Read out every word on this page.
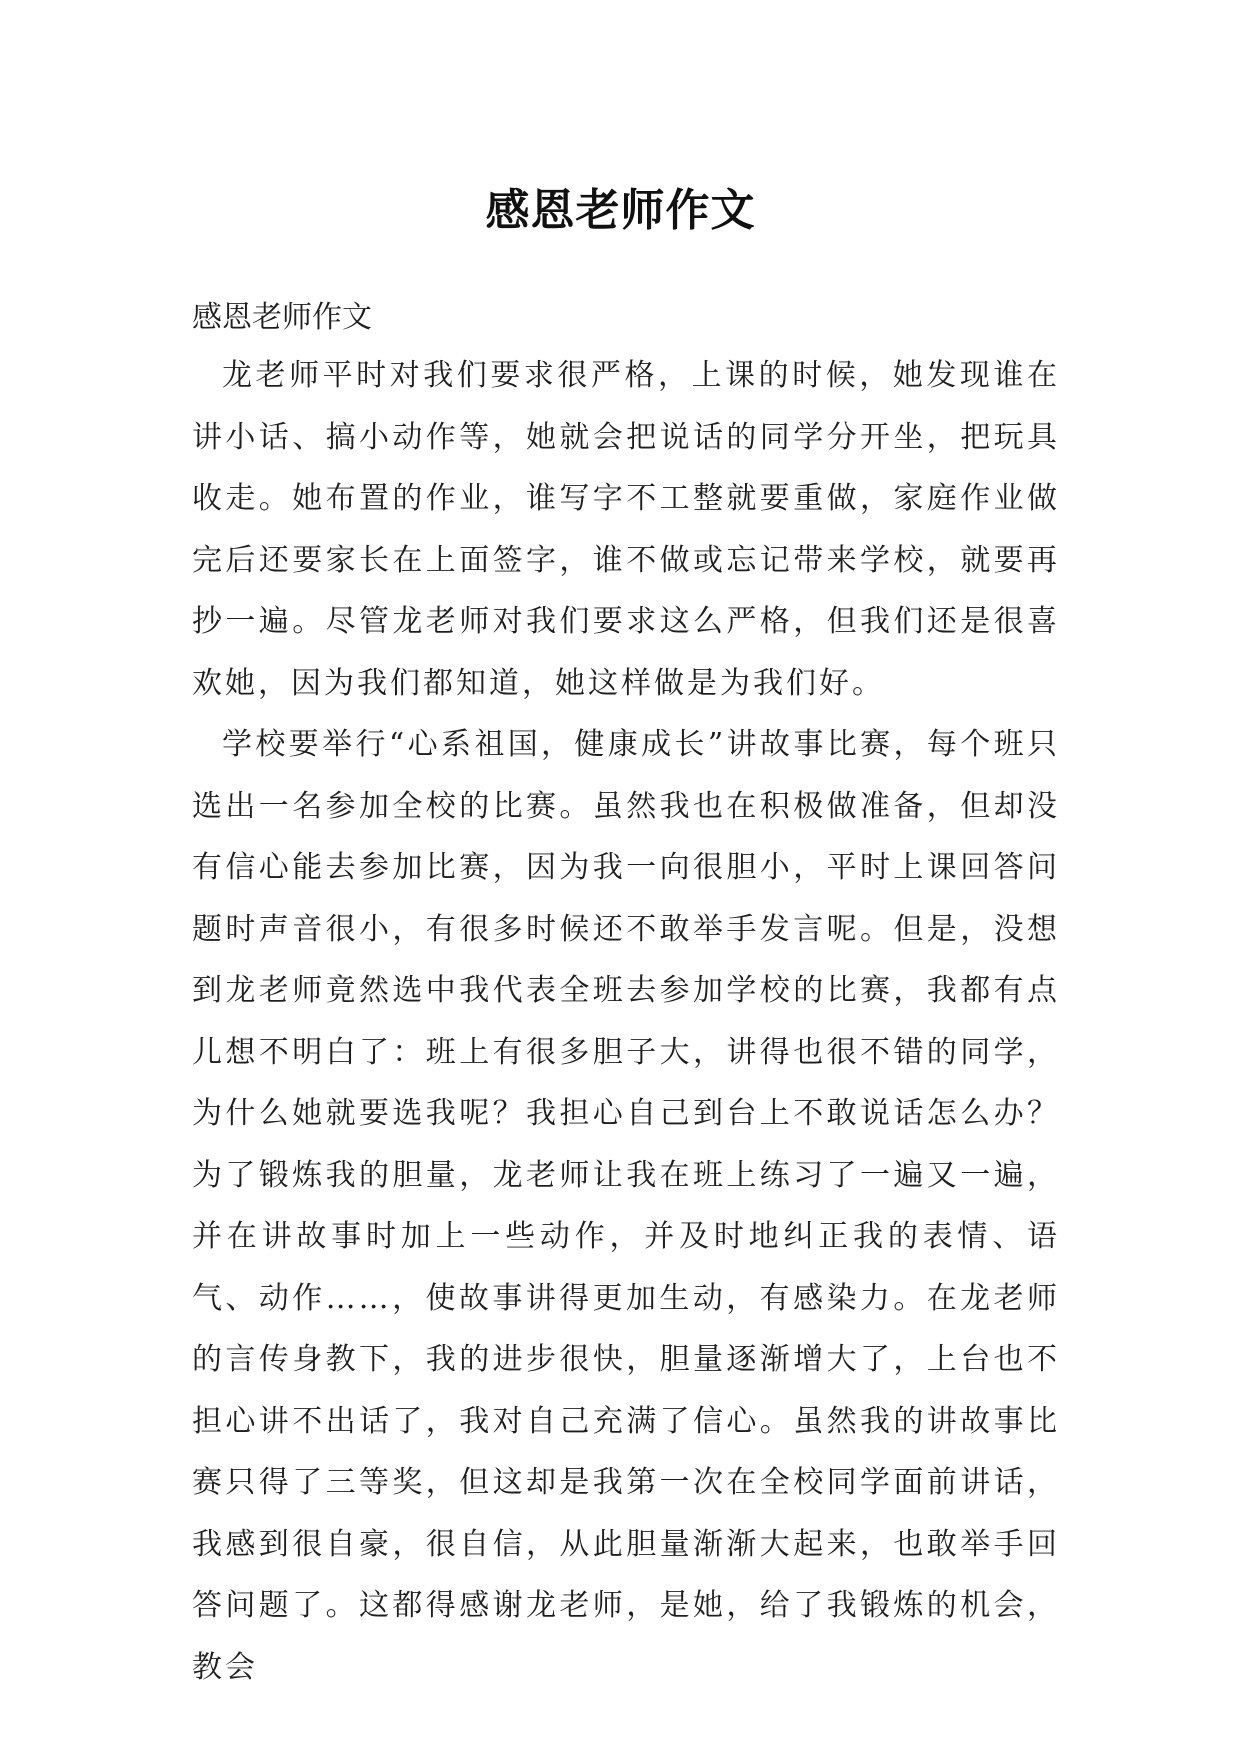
感恩老师作文

感恩老师作文

龙老师平时对我们要求很严格，上课的时候，她发现谁在讲小话、搞小动作等，她就会把说话的同学分开坐，把玩具收走。她布置的作业，谁写字不工整就要重做，家庭作业做完后还要家长在上面签字，谁不做或忘记带来学校，就要再抄一遍。尽管龙老师对我们要求这么严格，但我们还是很喜欢她，因为我们都知道，她这样做是为我们好。

学校要举行“心系祖国，健康成长”讲故事比赛，每个班只选出一名参加全校的比赛。虽然我也在积极做准备，但却没有信心能去参加比赛，因为我一向很胆小，平时上课回答问题时声音很小，有很多时候还不敢举手发言呢。但是，没想到龙老师竟然选中我代表全班去参加学校的比赛，我都有点儿想不明白了：班上有很多胆子大，讲得也很不错的同学，为什么她就要选我呢？我担心自己到台上不敢说话怎么办？为了锻炼我的胆量，龙老师让我在班上练习了一遍又一遍，并在讲故事时加上一些动作，并及时地纠正我的表情、语气、动作……，使故事讲得更加生动，有感染力。在龙老师的言传身教下，我的进步很快，胆量逐渐增大了，上台也不担心讲不出话了，我对自己充满了信心。虽然我的讲故事比赛只得了三等奖，但这却是我第一次在全校同学面前讲话，我感到很自豪，很自信，从此胆量渐渐大起来，也敢举手回答问题了。这都得感谢龙老师，是她，给了我锻炼的机会，教会
